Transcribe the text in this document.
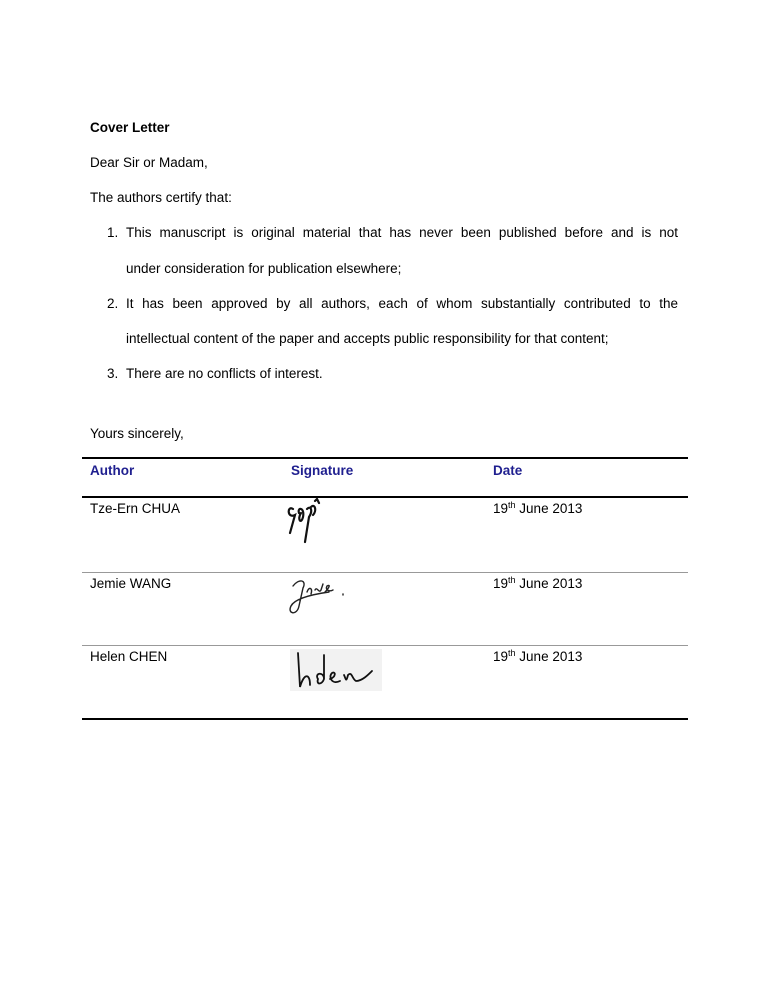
Cover Letter
Dear Sir or Madam,
The authors certify that:
1. This manuscript is original material that has never been published before and is not
under consideration for publication elsewhere;
2. It has been approved by all authors, each of whom substantially contributed to the
intellectual content of the paper and accepts public responsibility for that content;
3. There are no conflicts of interest.
Yours sincerely,
Author	Signature	Date
Tze-Ern CHUA	19th June 2013
Jemie WANG	19th June 2013
Helen CHEN	19th June 2013
